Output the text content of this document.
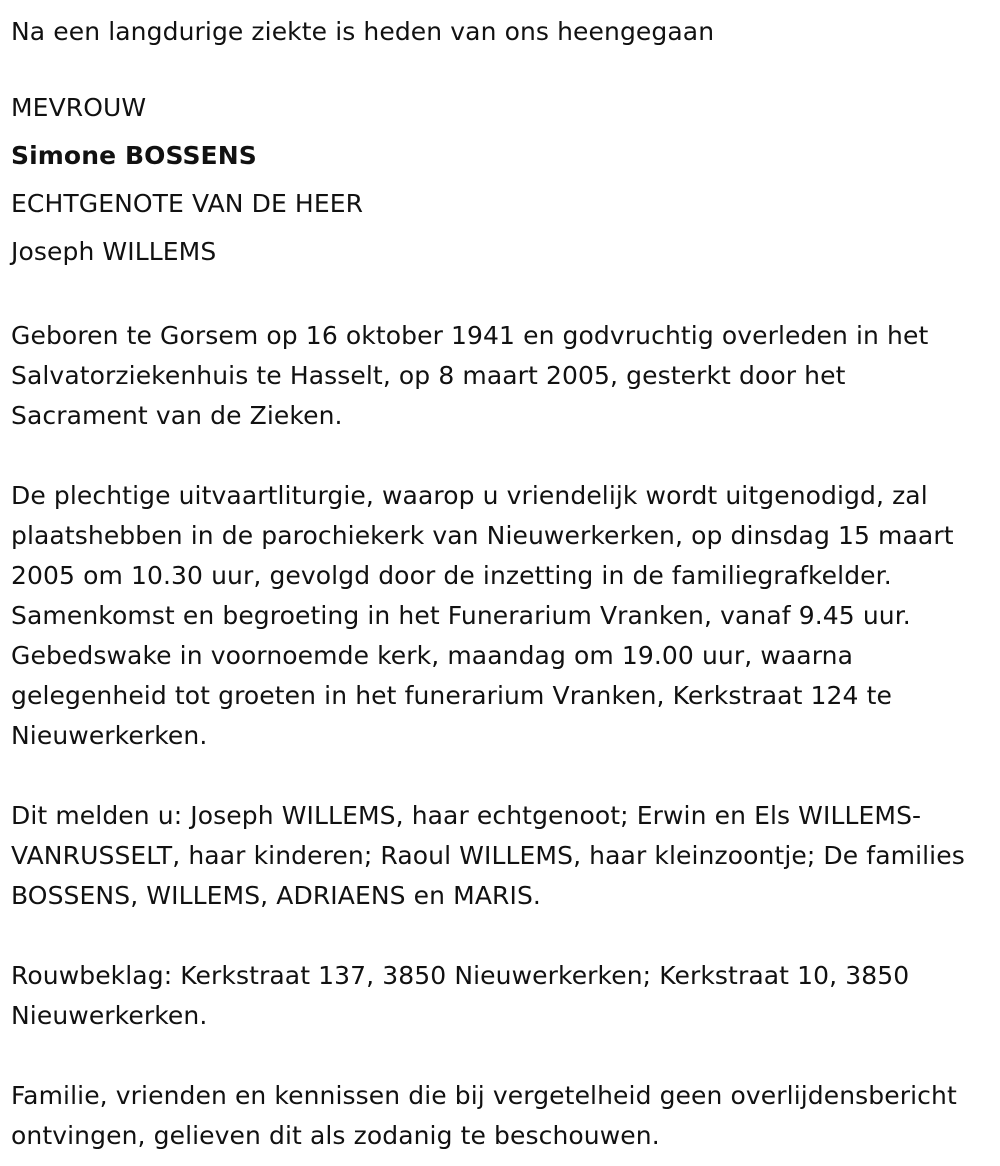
Na een langdurige ziekte is heden van ons heengegaan

MEVROUW

Simone BOSSENS

ECHTGENOTE VAN DE HEER

Joseph WILLEMS

Geboren te Gorsem op 16 oktober 1941 en godvruchtig overleden in het Salvatorziekenhuis te Hasselt, op 8 maart 2005, gesterkt door het Sacrament van de Zieken.

De plechtige uitvaartliturgie, waarop u vriendelijk wordt uitgenodigd, zal plaatshebben in de parochiekerk van Nieuwerkerken, op dinsdag 15 maart 2005 om 10.30 uur, gevolgd door de inzetting in de familiegrafkelder. Samenkomst en begroeting in het Funerarium Vranken, vanaf 9.45 uur. Gebedswake in voornoemde kerk, maandag om 19.00 uur, waarna gelegenheid tot groeten in het funerarium Vranken, Kerkstraat 124 te Nieuwerkerken.

Dit melden u: Joseph WILLEMS, haar echtgenoot; Erwin en Els WILLEMS-VANRUSSELT, haar kinderen; Raoul WILLEMS, haar kleinzoontje; De families BOSSENS, WILLEMS, ADRIAENS en MARIS.

Rouwbeklag: Kerkstraat 137, 3850 Nieuwerkerken; Kerkstraat 10, 3850 Nieuwerkerken.

Familie, vrienden en kennissen die bij vergetelheid geen overlijdensbericht ontvingen, gelieven dit als zodanig te beschouwen.
